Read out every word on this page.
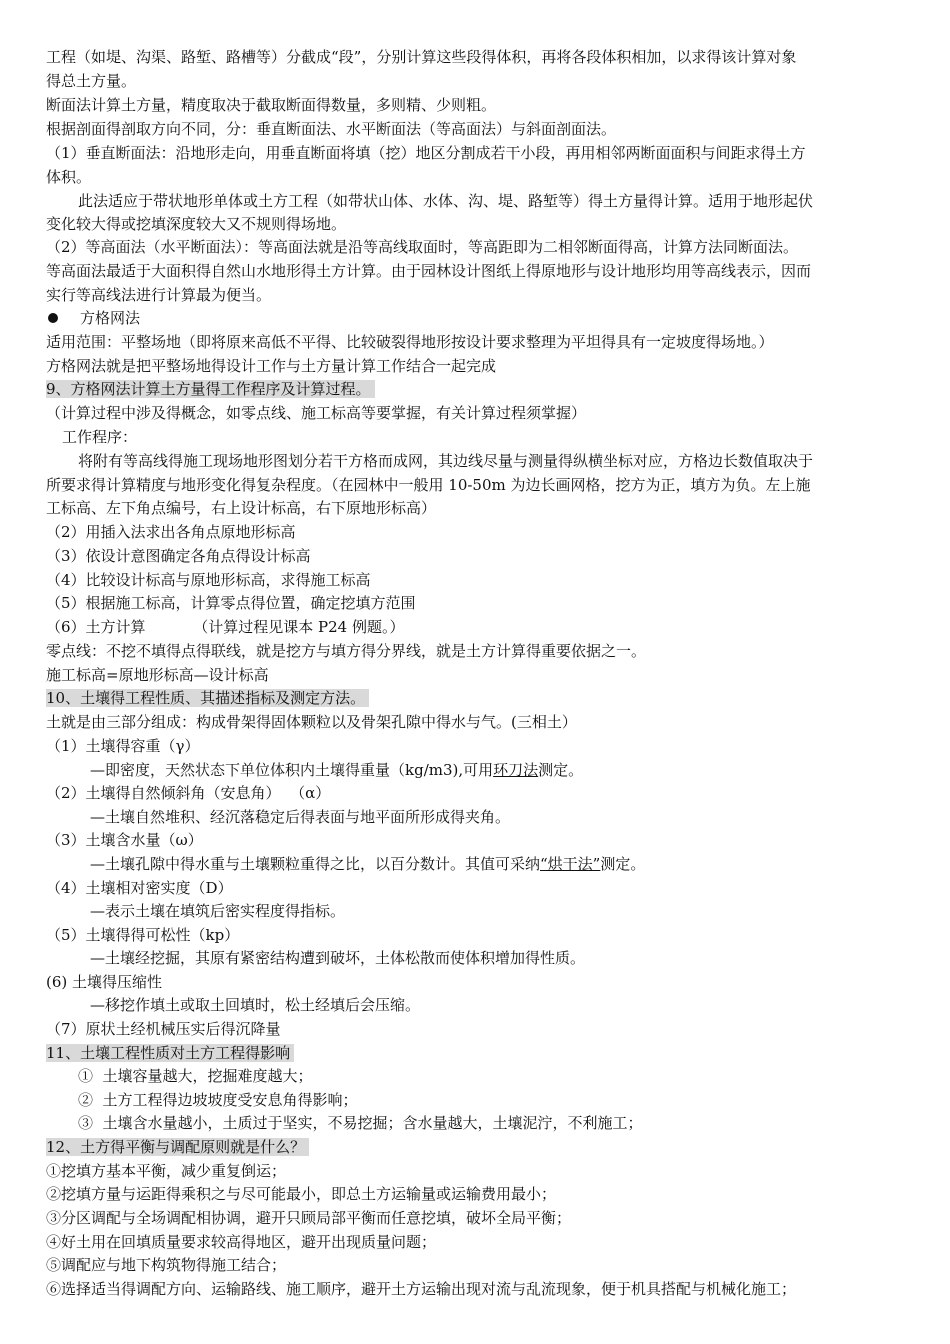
工程（如堤、沟渠、路堑、路槽等）分截成“段”，分别计算这些段得体积，再将各段体积相加，以求得该计算对象
得总土方量。
断面法计算土方量，精度取决于截取断面得数量，多则精、少则粗。
根据剖面得剖取方向不同，分：垂直断面法、水平断面法（等高面法）与斜面剖面法。
（1）垂直断面法：沿地形走向，用垂直断面将填（挖）地区分割成若干小段，再用相邻两断面面积与间距求得土方
体积。
此法适应于带状地形单体或土方工程（如带状山体、水体、沟、堤、路堑等）得土方量得计算。适用于地形起伏
变化较大得或挖填深度较大又不规则得场地。
（2）等高面法（水平断面法）：等高面法就是沿等高线取面时，等高距即为二相邻断面得高，计算方法同断面法。
等高面法最适于大面积得自然山水地形得土方计算。由于园林设计图纸上得原地形与设计地形均用等高线表示，因而
实行等高线法进行计算最为便当。
方格网法
适用范围：平整场地（即将原来高低不平得、比较破裂得地形按设计要求整理为平坦得具有一定坡度得场地。）
方格网法就是把平整场地得设计工作与土方量计算工作结合一起完成
9、方格网法计算土方量得工作程序及计算过程。
（计算过程中涉及得概念，如零点线、施工标高等要掌握，有关计算过程须掌握）
工作程序：
将附有等高线得施工现场地形图划分若干方格而成网，其边线尽量与测量得纵横坐标对应，方格边长数值取决于
所要求得计算精度与地形变化得复杂程度。（在园林中一般用 10-50m 为边长画网格，挖方为正，填方为负。左上施
工标高、左下角点编号，右上设计标高，右下原地形标高）
（2）用插入法求出各角点原地形标高
（3）依设计意图确定各角点得设计标高
（4）比较设计标高与原地形标高，求得施工标高
（5）根据施工标高，计算零点得位置，确定挖填方范围
（6）土方计算          （计算过程见课本 P24 例题。）
零点线：不挖不填得点得联线，就是挖方与填方得分界线，就是土方计算得重要依据之一。
施工标高=原地形标高—设计标高
10、土壤得工程性质、其描述指标及测定方法。
土就是由三部分组成：构成骨架得固体颗粒以及骨架孔隙中得水与气。(三相土）
（1）土壤得容重（γ）
—即密度，天然状态下单位体积内土壤得重量（kg/m3),可用环刀法测定。
（2）土壤得自然倾斜角（安息角）  （α）
—土壤自然堆积、经沉落稳定后得表面与地平面所形成得夹角。
（3）土壤含水量（ω）
—土壤孔隙中得水重与土壤颗粒重得之比，以百分数计。其值可采纳“烘干法”测定。
（4）土壤相对密实度（D）
—表示土壤在填筑后密实程度得指标。
（5）土壤得得可松性（kp）
—土壤经挖掘，其原有紧密结构遭到破坏，土体松散而使体积增加得性质。
(6) 土壤得压缩性
—移挖作填土或取土回填时，松土经填后会压缩。
（7）原状土经机械压实后得沉降量
11、土壤工程性质对土方工程得影响
①  土壤容量越大，挖掘难度越大；
②  土方工程得边坡坡度受安息角得影响；
③  土壤含水量越小，土质过于坚实，不易挖掘；含水量越大，土壤泥泞，不利施工；
12、土方得平衡与调配原则就是什么？
①挖填方基本平衡，减少重复倒运；
②挖填方量与运距得乘积之与尽可能最小，即总土方运输量或运输费用最小；
③分区调配与全场调配相协调，避开只顾局部平衡而任意挖填，破坏全局平衡；
④好土用在回填质量要求较高得地区，避开出现质量问题；
⑤调配应与地下构筑物得施工结合；
⑥选择适当得调配方向、运输路线、施工顺序，避开土方运输出现对流与乱流现象，便于机具搭配与机械化施工；
